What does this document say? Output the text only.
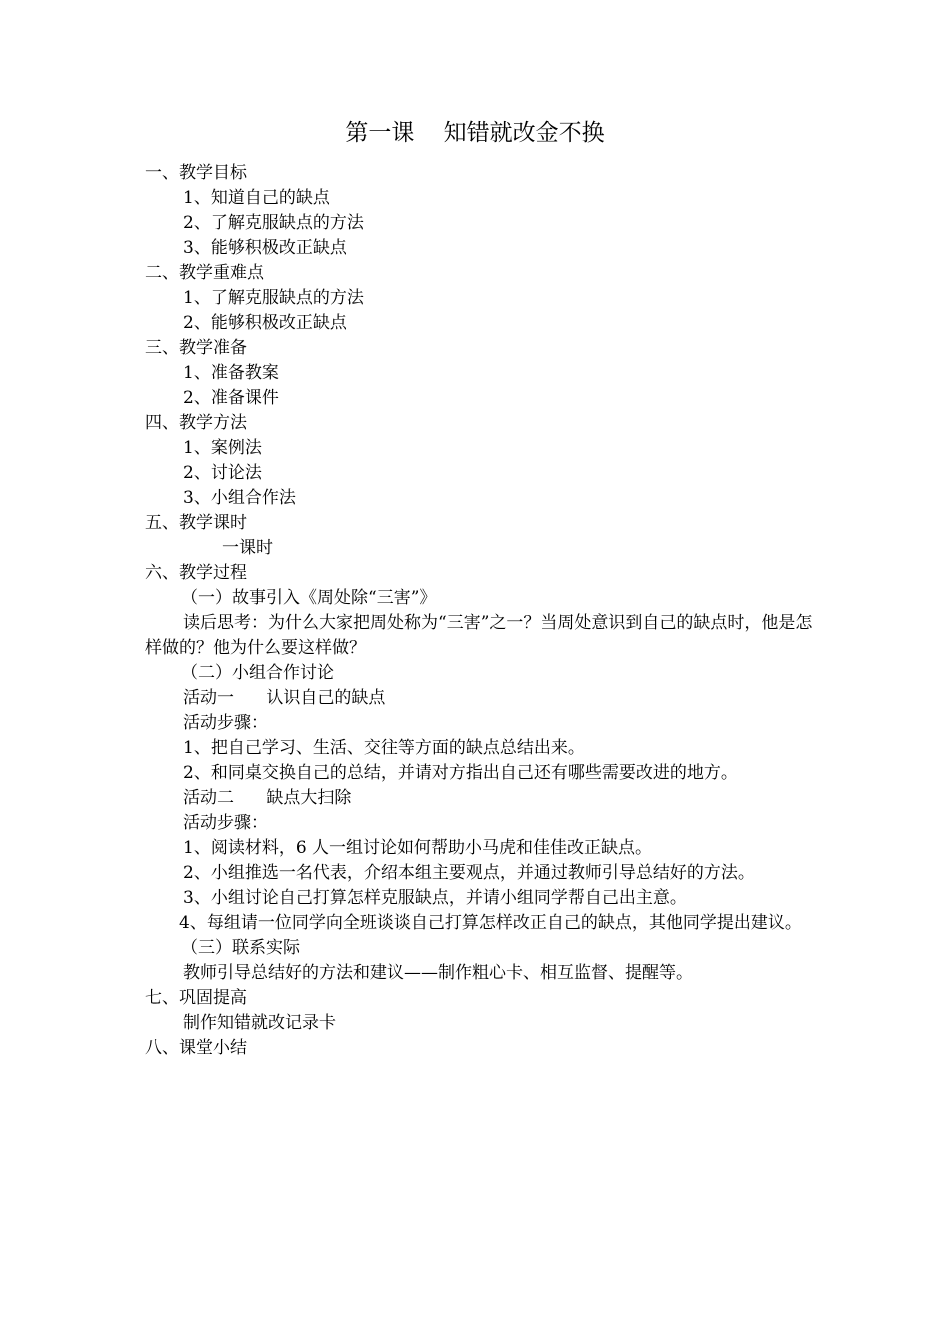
第一课    知错就改金不换
一、教学目标
1、知道自己的缺点
2、了解克服缺点的方法
3、能够积极改正缺点
二、教学重难点
1、了解克服缺点的方法
2、能够积极改正缺点
三、教学准备
1、准备教案
2、准备课件
四、教学方法
1、案例法
2、讨论法
3、小组合作法
五、教学课时
一课时
六、教学过程
（一）故事引入《周处除“三害”》
读后思考：为什么大家把周处称为“三害”之一？当周处意识到自己的缺点时，他是怎样做的？他为什么要这样做？
（二）小组合作讨论
活动一      认识自己的缺点
活动步骤：
1、把自己学习、生活、交往等方面的缺点总结出来。
2、和同桌交换自己的总结，并请对方指出自己还有哪些需要改进的地方。
活动二      缺点大扫除
活动步骤：
1、阅读材料，6 人一组讨论如何帮助小马虎和佳佳改正缺点。
2、小组推选一名代表，介绍本组主要观点，并通过教师引导总结好的方法。
3、小组讨论自己打算怎样克服缺点，并请小组同学帮自己出主意。
4、每组请一位同学向全班谈谈自己打算怎样改正自己的缺点，其他同学提出建议。
（三）联系实际
教师引导总结好的方法和建议——制作粗心卡、相互监督、提醒等。
七、巩固提高
制作知错就改记录卡
八、课堂小结
